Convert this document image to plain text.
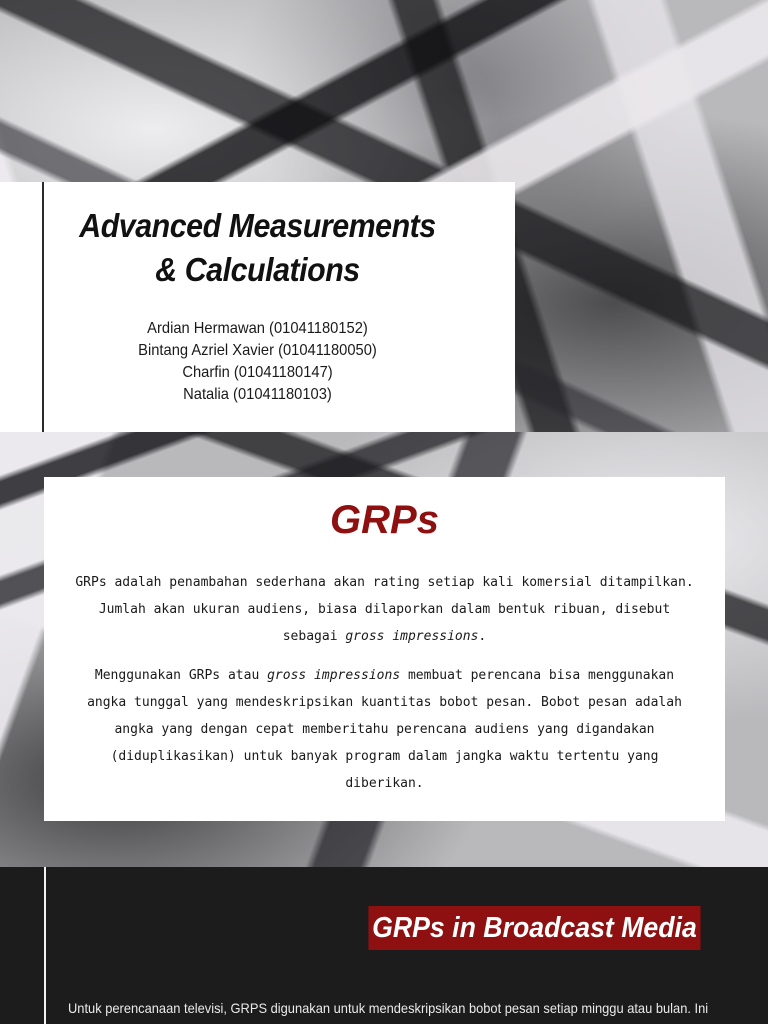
Advanced Measurements
& Calculations
Ardian Hermawan (01041180152)
Bintang Azriel Xavier (01041180050)
Charfin (01041180147)
Natalia (01041180103)
GRPs

GRPs adalah penambahan sederhana akan rating setiap kali komersial ditampilkan. Jumlah akan ukuran audiens, biasa dilaporkan dalam bentuk ribuan, disebut sebagai gross impressions.

Menggunakan GRPs atau gross impressions membuat perencana bisa menggunakan angka tunggal yang mendeskripsikan kuantitas bobot pesan. Bobot pesan adalah angka yang dengan cepat memberitahu perencana audiens yang digandakan (diduplikasikan) untuk banyak program dalam jangka waktu tertentu yang diberikan.

GRPs in Broadcast Media

Untuk perencanaan televisi, GRPS digunakan untuk mendeskripsikan bobot pesan setiap minggu atau bulan. Ini
